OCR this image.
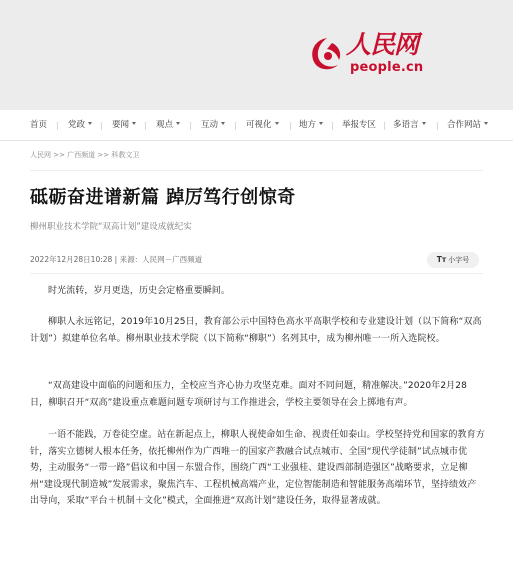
人民网
people.cn
首页 党政	要闻	观点	互动	可视化	地方	举报专区 多语言	合作网站
人民网 >> 广西频道 >> 科教文卫
砥砺奋进谱新篇 踔厉笃行创惊奇
柳州职业技术学院“双高计划”建设成就纪实
2022年12月28日10:28 | 来源：人民网－广西频道	Tт 小字号

时光流转，岁月更迭，历史会定格重要瞬间。

柳职人永远铭记，2019年10月25日，教育部公示中国特色高水平高职学校和专业建设计划（以下简称“双高计划”）拟建单位名单。柳州职业技术学院（以下简称“柳职”）名列其中，成为柳州唯一一所入选院校。

“双高建设中面临的问题和压力，全校应当齐心协力攻坚克难。面对不同问题，精准解决。”2020年2月28日，柳职召开“双高”建设重点难题问题专项研讨与工作推进会，学校主要领导在会上掷地有声。

一语不能践，万卷徒空虚。站在新起点上，柳职人视使命如生命、视责任如泰山。学校坚持党和国家的教育方针，落实立德树人根本任务，依托柳州作为广西唯一的国家产教融合试点城市、全国“现代学徒制”试点城市优势，主动服务“一带一路”倡议和中国－东盟合作，围绕广西“工业强桂、建设西部制造强区”战略要求，立足柳州“建设现代制造城”发展需求，聚焦汽车、工程机械高端产业，定位智能制造和智能服务高端环节，坚持绩效产出导向，采取“平台＋机制＋文化”模式，全面推进“双高计划”建设任务，取得显著成就。
